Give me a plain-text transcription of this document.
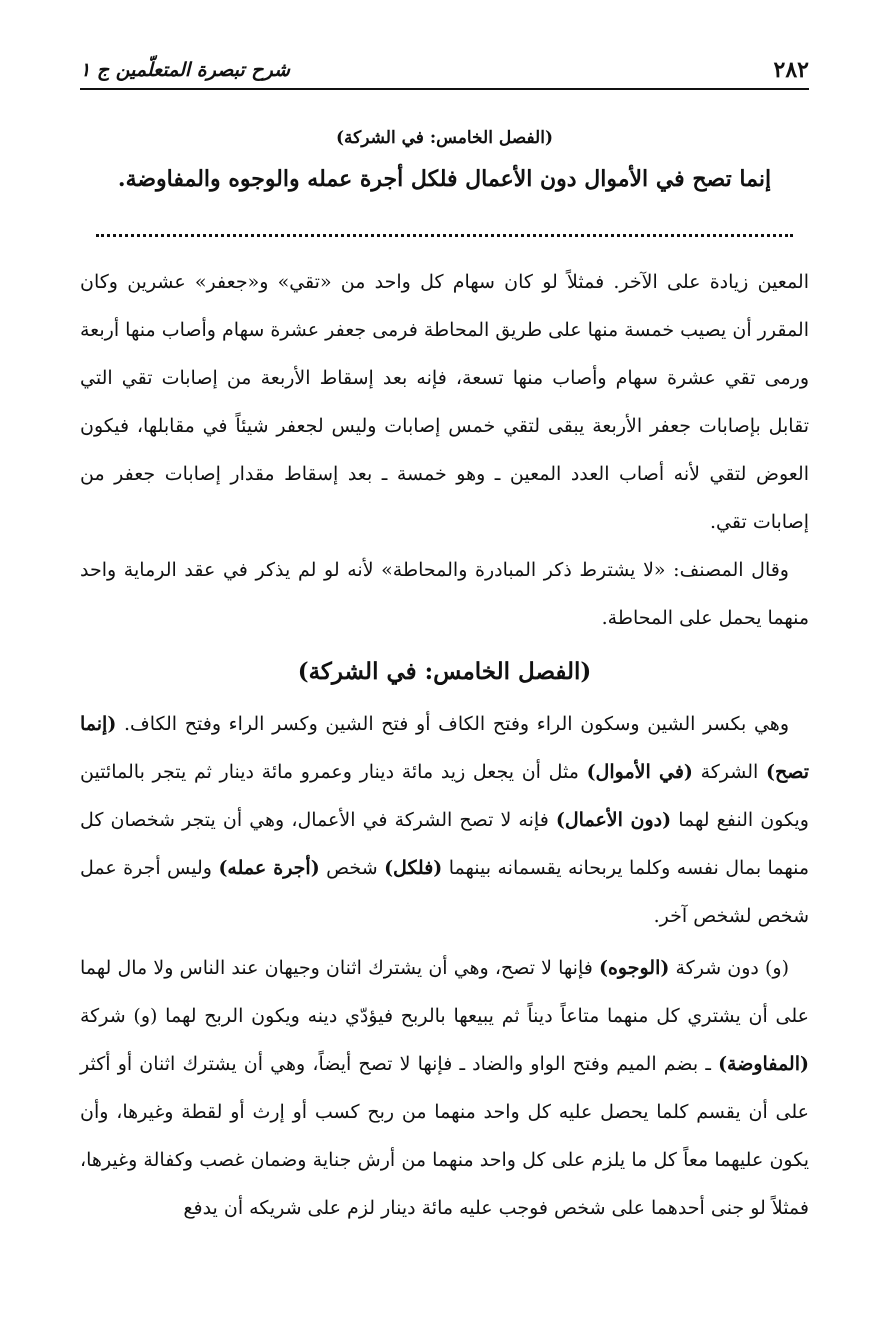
٢٨٢
شرح تبصرة المتعلّمين ج ١
(الفصل الخامس: في الشركة)
إنما تصح في الأموال دون الأعمال فلكل أجرة عمله والوجوه والمفاوضة.

المعين زيادة على الآخر. فمثلاً لو كان سهام كل واحد من «تقي» و«جعفر» عشرين وكان المقرر أن يصيب خمسة منها على طريق المحاطة فرمى جعفر عشرة سهام وأصاب منها أربعة ورمى تقي عشرة سهام وأصاب منها تسعة، فإنه بعد إسقاط الأربعة من إصابات تقي التي تقابل بإصابات جعفر الأربعة يبقى لتقي خمس إصابات وليس لجعفر شيئاً في مقابلها، فيكون العوض لتقي لأنه أصاب العدد المعين ـ وهو خمسة ـ بعد إسقاط مقدار إصابات جعفر من إصابات تقي.

وقال المصنف: «لا يشترط ذكر المبادرة والمحاطة» لأنه لو لم يذكر في عقد الرماية واحد منهما يحمل على المحاطة.

(الفصل الخامس: في الشركة)

وهي بكسر الشين وسكون الراء وفتح الكاف أو فتح الشين وكسر الراء وفتح الكاف. (إنما تصح) الشركة (في الأموال) مثل أن يجعل زيد مائة دينار وعمرو مائة دينار ثم يتجر بالمائتين ويكون النفع لهما (دون الأعمال) فإنه لا تصح الشركة في الأعمال، وهي أن يتجر شخصان كل منهما بمال نفسه وكلما يربحانه يقسمانه بينهما (فلكل) شخص (أجرة عمله) وليس أجرة عمل شخص لشخص آخر.

(و) دون شركة (الوجوه) فإنها لا تصح، وهي أن يشترك اثنان وجيهان عند الناس ولا مال لهما على أن يشتري كل منهما متاعاً ديناً ثم يبيعها بالربح فيؤدّي دينه ويكون الربح لهما (و) شركة (المفاوضة) ـ بضم الميم وفتح الواو والضاد ـ فإنها لا تصح أيضاً، وهي أن يشترك اثنان أو أكثر على أن يقسم كلما يحصل عليه كل واحد منهما من ربح كسب أو إرث أو لقطة وغيرها، وأن يكون عليهما معاً كل ما يلزم على كل واحد منهما من أرش جناية وضمان غصب وكفالة وغيرها، فمثلاً لو جنى أحدهما على شخص فوجب عليه مائة دينار لزم على شريكه أن يدفع
